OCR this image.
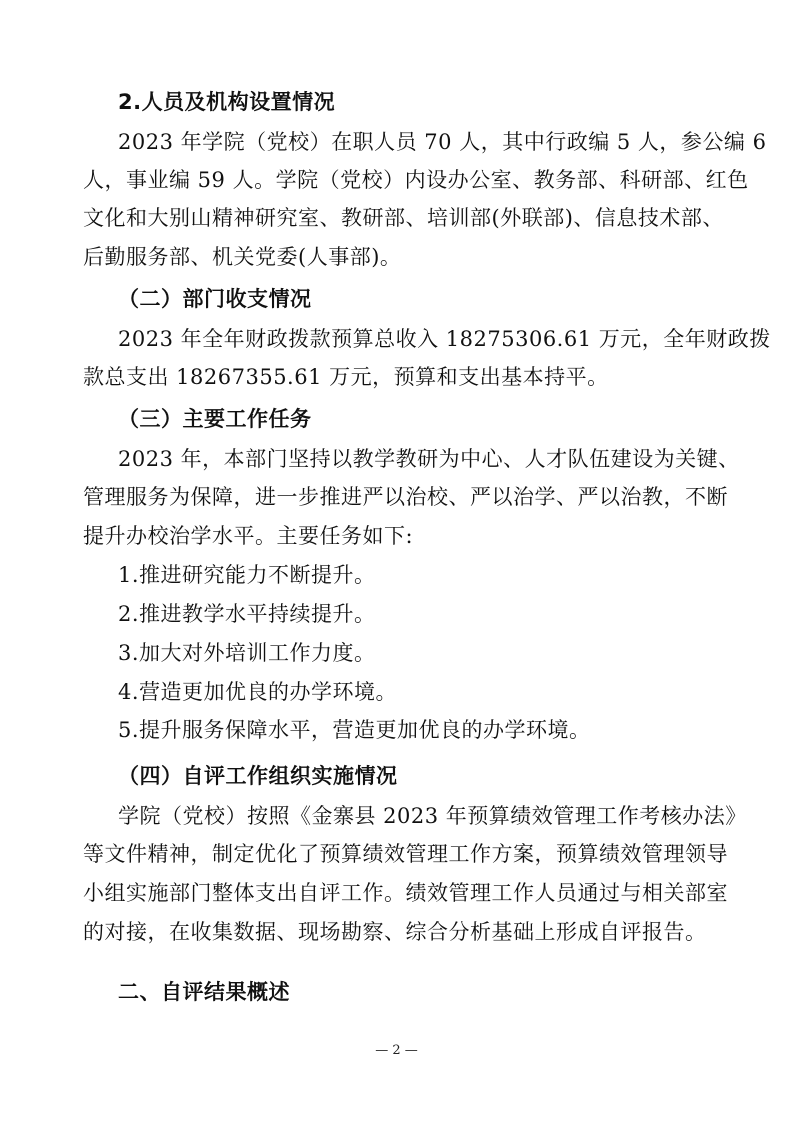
2.人员及机构设置情况
2023 年学院（党校）在职人员 70 人，其中行政编 5 人，参公编 6
人，事业编 59 人。学院（党校）内设办公室、教务部、科研部、红色
文化和大别山精神研究室、教研部、培训部(外联部)、信息技术部、
后勤服务部、机关党委(人事部)。
（二）部门收支情况
2023 年全年财政拨款预算总收入 18275306.61 万元，全年财政拨
款总支出 18267355.61 万元，预算和支出基本持平。
（三）主要工作任务
2023 年，本部门坚持以教学教研为中心、人才队伍建设为关键、
管理服务为保障，进一步推进严以治校、严以治学、严以治教，不断
提升办校治学水平。主要任务如下:
1.推进研究能力不断提升。
2.推进教学水平持续提升。
3.加大对外培训工作力度。
4.营造更加优良的办学环境。
5.提升服务保障水平，营造更加优良的办学环境。
（四）自评工作组织实施情况
学院（党校）按照《金寨县 2023 年预算绩效管理工作考核办法》
等文件精神，制定优化了预算绩效管理工作方案，预算绩效管理领导
小组实施部门整体支出自评工作。绩效管理工作人员通过与相关部室
的对接，在收集数据、现场勘察、综合分析基础上形成自评报告。
二、自评结果概述
— 2 —
